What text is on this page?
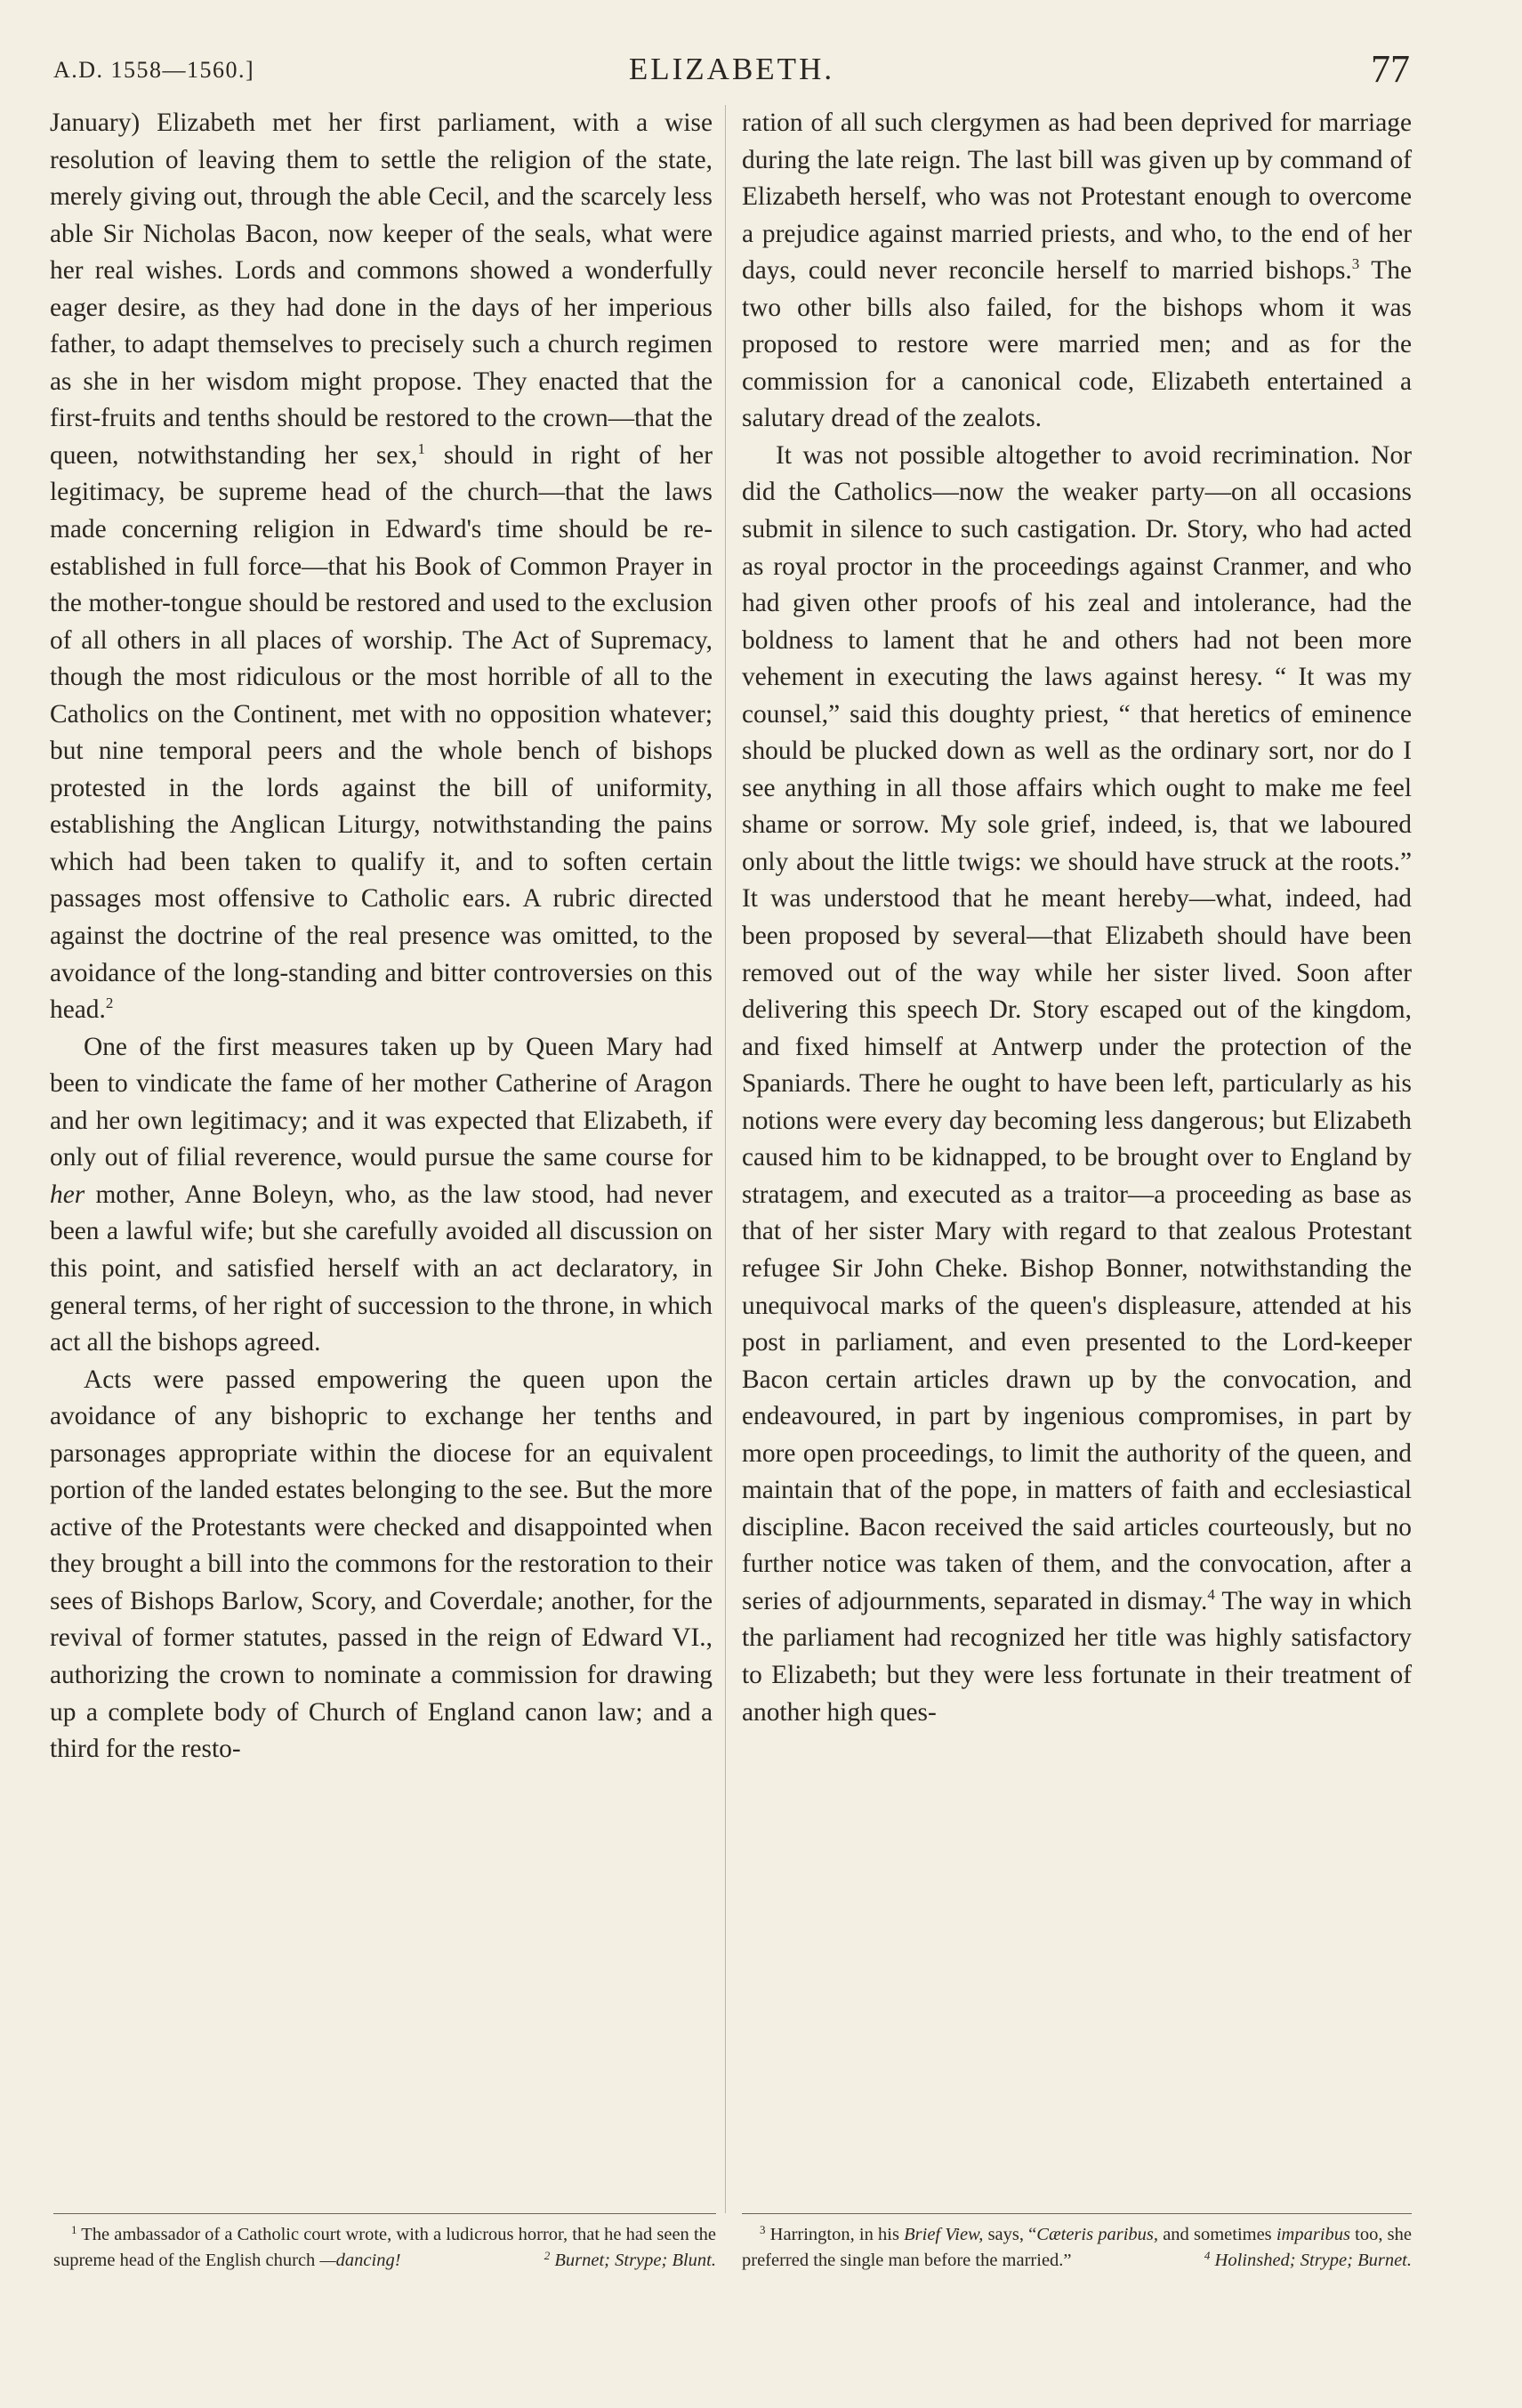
A.D. 1558—1560.]	ELIZABETH.	77

January) Elizabeth met her first parliament, with a wise resolution of leaving them to settle the religion of the state, merely giving out, through the able Cecil, and the scarcely less able Sir Nicholas Bacon, now keeper of the seals, what were her real wishes. Lords and commons showed a wonderfully eager desire, as they had done in the days of her imperious father, to adapt themselves to precisely such a church regimen as she in her wisdom might propose. They enacted that the first-fruits and tenths should be restored to the crown—that the queen, notwithstanding her sex,$^1$ should in right of her legitimacy, be supreme head of the church—that the laws made concerning religion in Edward's time should be re-established in full force—that his Book of Common Prayer in the mother-tongue should be restored and used to the exclusion of all others in all places of worship. The Act of Supremacy, though the most ridiculous or the most horrible of all to the Catholics on the Continent, met with no opposition whatever; but nine temporal peers and the whole bench of bishops protested in the lords against the bill of uniformity, establishing the Anglican Liturgy, notwithstanding the pains which had been taken to qualify it, and to soften certain passages most offensive to Catholic ears. A rubric directed against the doctrine of the real presence was omitted, to the avoidance of the long-standing and bitter controversies on this head.$^2$

One of the first measures taken up by Queen Mary had been to vindicate the fame of her mother Catherine of Aragon and her own legitimacy; and it was expected that Elizabeth, if only out of filial reverence, would pursue the same course for her mother, Anne Boleyn, who, as the law stood, had never been a lawful wife; but she carefully avoided all discussion on this point, and satisfied herself with an act declaratory, in general terms, of her right of succession to the throne, in which act all the bishops agreed.

Acts were passed empowering the queen upon the avoidance of any bishopric to exchange her tenths and parsonages appropriate within the diocese for an equivalent portion of the landed estates belonging to the see. But the more active of the Protestants were checked and disappointed when they brought a bill into the commons for the restoration to their sees of Bishops Barlow, Scory, and Coverdale; another, for the revival of former statutes, passed in the reign of Edward VI., authorizing the crown to nominate a commission for drawing up a complete body of Church of England canon law; and a third for the resto-

ration of all such clergymen as had been deprived for marriage during the late reign. The last bill was given up by command of Elizabeth herself, who was not Protestant enough to overcome a prejudice against married priests, and who, to the end of her days, could never reconcile herself to married bishops.$^3$ The two other bills also failed, for the bishops whom it was proposed to restore were married men; and as for the commission for a canonical code, Elizabeth entertained a salutary dread of the zealots.

It was not possible altogether to avoid recrimination. Nor did the Catholics—now the weaker party—on all occasions submit in silence to such castigation. Dr. Story, who had acted as royal proctor in the proceedings against Cranmer, and who had given other proofs of his zeal and intolerance, had the boldness to lament that he and others had not been more vehement in executing the laws against heresy. “ It was my counsel,” said this doughty priest, “ that heretics of eminence should be plucked down as well as the ordinary sort, nor do I see anything in all those affairs which ought to make me feel shame or sorrow. My sole grief, indeed, is, that we laboured only about the little twigs: we should have struck at the roots.” It was understood that he meant hereby—what, indeed, had been proposed by several—that Elizabeth should have been removed out of the way while her sister lived. Soon after delivering this speech Dr. Story escaped out of the kingdom, and fixed himself at Antwerp under the protection of the Spaniards. There he ought to have been left, particularly as his notions were every day becoming less dangerous; but Elizabeth caused him to be kidnapped, to be brought over to England by stratagem, and executed as a traitor—a proceeding as base as that of her sister Mary with regard to that zealous Protestant refugee Sir John Cheke. Bishop Bonner, notwithstanding the unequivocal marks of the queen's displeasure, attended at his post in parliament, and even presented to the Lord-keeper Bacon certain articles drawn up by the convocation, and endeavoured, in part by ingenious compromises, in part by more open proceedings, to limit the authority of the queen, and maintain that of the pope, in matters of faith and ecclesiastical discipline. Bacon received the said articles courteously, but no further notice was taken of them, and the convocation, after a series of adjournments, separated in dismay.$^4$ The way in which the parliament had recognized her title was highly satisfactory to Elizabeth; but they were less fortunate in their treatment of another high ques-

$^1$ The ambassador of a Catholic court wrote, with a ludicrous horror, that he had seen the supreme head of the English church —dancing!	$^2$ Burnet; Strype; Blunt.

$^3$ Harrington, in his Brief View, says, “Cæteris paribus, and sometimes imparibus too, she preferred the single man before the married.”	$^4$ Holinshed; Strype; Burnet.
